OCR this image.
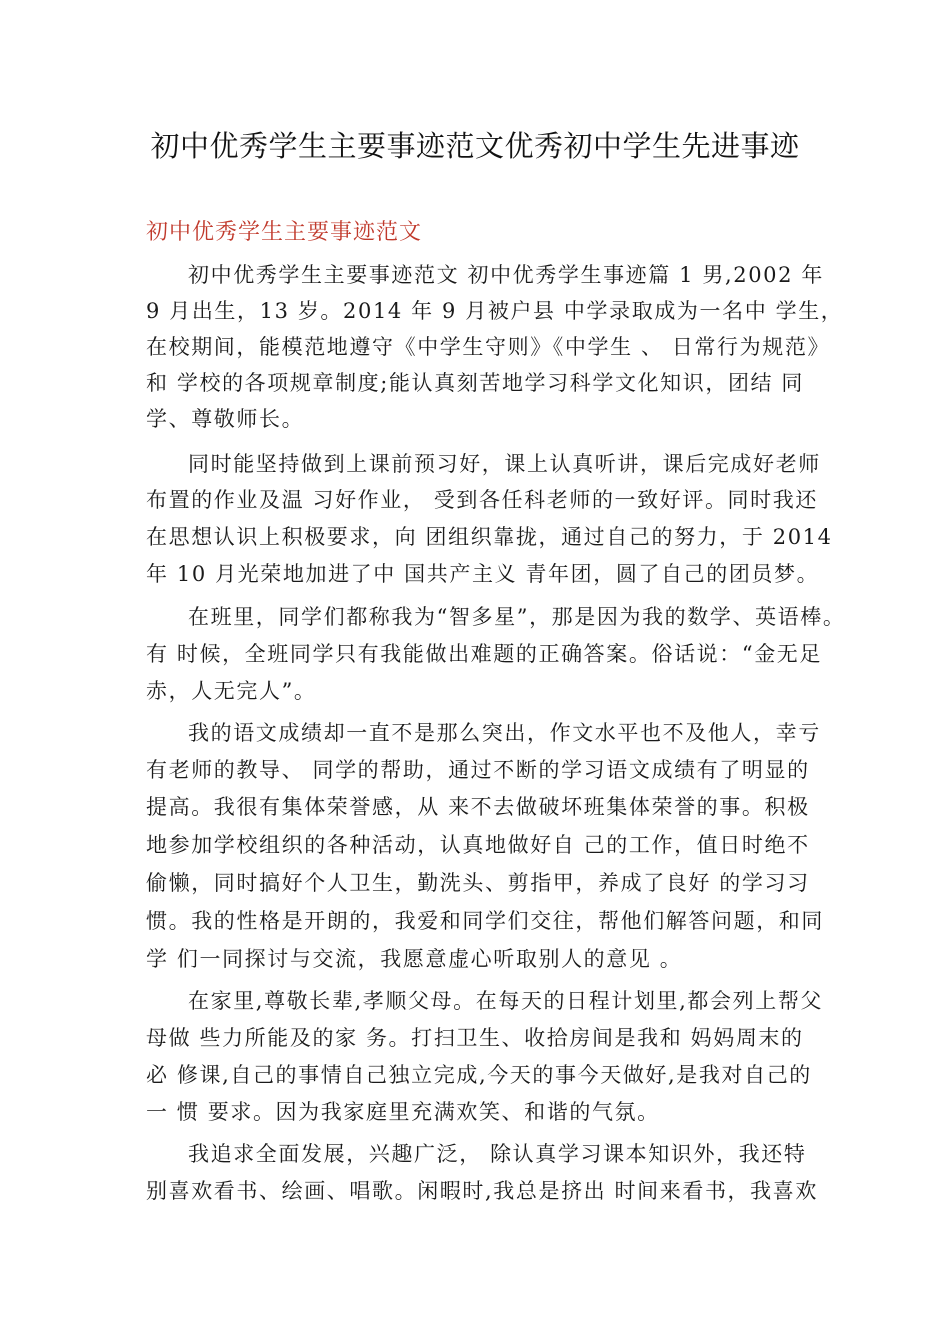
初中优秀学生主要事迹范文优秀初中学生先进事迹
初中优秀学生主要事迹范文
初中优秀学生主要事迹范文 初中优秀学生事迹篇 1 男,2002 年
9 月出生，13 岁。2014 年 9 月被户县 中学录取成为一名中 学生，
在校期间，能模范地遵守《中学生守则》《中学生 、 日常行为规范》
和 学校的各项规章制度;能认真刻苦地学习科学文化知识，团结 同
学、尊敬师长。
同时能坚持做到上课前预习好，课上认真听讲，课后完成好老师
布置的作业及温 习好作业， 受到各任科老师的一致好评。同时我还
在思想认识上积极要求，向 团组织靠拢，通过自己的努力，于 2014
年 10 月光荣地加进了中 国共产主义 青年团，圆了自己的团员梦。
在班里，同学们都称我为“智多星”，那是因为我的数学、英语棒。
有 时候，全班同学只有我能做出难题的正确答案。俗话说：“金无足
赤，人无完人”。
我的语文成绩却一直不是那么突出，作文水平也不及他人，幸亏
有老师的教导、 同学的帮助，通过不断的学习语文成绩有了明显的
提高。我很有集体荣誉感，从 来不去做破坏班集体荣誉的事。积极
地参加学校组织的各种活动，认真地做好自 己的工作，值日时绝不
偷懒，同时搞好个人卫生，勤洗头、剪指甲，养成了良好 的学习习
惯。我的性格是开朗的，我爱和同学们交往，帮他们解答问题，和同
学 们一同探讨与交流，我愿意虚心听取别人的意见 。
在家里,尊敬长辈,孝顺父母。在每天的日程计划里,都会列上帮父
母做 些力所能及的家 务。打扫卫生、收拾房间是我和 妈妈周末的
必 修课,自己的事情自己独立完成,今天的事今天做好,是我对自己的
一 惯 要求。因为我家庭里充满欢笑、和谐的气氛。
我追求全面发展，兴趣广泛， 除认真学习课本知识外，我还特
别喜欢看书、绘画、唱歌。闲暇时,我总是挤出 时间来看书，我喜欢
